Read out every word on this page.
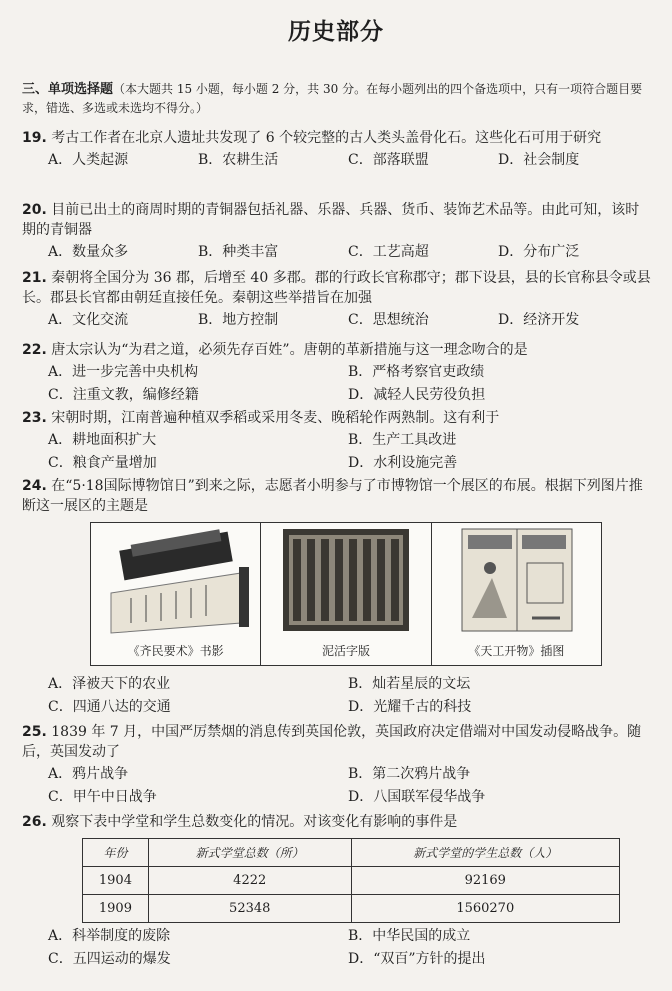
历史部分
三、单项选择题（本大题共 15 小题，每小题 2 分，共 30 分。在每小题列出的四个备选项中，只有一项符合题目要求，错选、多选或未选均不得分。）
19. 考古工作者在北京人遗址共发现了 6 个较完整的古人类头盖骨化石。这些化石可用于研究
A．人类起源	B．农耕生活	C．部落联盟	D．社会制度
20. 目前已出土的商周时期的青铜器包括礼器、乐器、兵器、货币、装饰艺术品等。由此可知，该时期的青铜器
A．数量众多	B．种类丰富	C．工艺高超	D．分布广泛
21. 秦朝将全国分为 36 郡，后增至 40 多郡。郡的行政长官称郡守；郡下设县，县的长官称县令或县长。郡县长官都由朝廷直接任免。秦朝这些举措旨在加强
A．文化交流	B．地方控制	C．思想统治	D．经济开发
22. 唐太宗认为“为君之道，必须先存百姓”。唐朝的革新措施与这一理念吻合的是
A．进一步完善中央机构	B．严格考察官吏政绩
C．注重文教，编修经籍	D．减轻人民劳役负担
23. 宋朝时期，江南普遍种植双季稻或采用冬麦、晚稻轮作两熟制。这有利于
A．耕地面积扩大	B．生产工具改进
C．粮食产量增加	D．水利设施完善
24. 在“5·18国际博物馆日”到来之际，志愿者小明参与了市博物馆一个展区的布展。根据下列图片推断这一展区的主题是
《齐民要术》书影	泥活字版	《天工开物》插图
A．泽被天下的农业	B．灿若星辰的文坛
C．四通八达的交通	D．光耀千古的科技
25. 1839 年 7 月，中国严厉禁烟的消息传到英国伦敦，英国政府决定借端对中国发动侵略战争。随后，英国发动了
A．鸦片战争	B．第二次鸦片战争
C．甲午中日战争	D．八国联军侵华战争
26. 观察下表中学堂和学生总数变化的情况。对该变化有影响的事件是
年份	新式学堂总数（所）	新式学堂的学生总数（人）
1904	4222	92169
1909	52348	1560270
A．科举制度的废除	B．中华民国的成立
C．五四运动的爆发	D．“双百”方针的提出
